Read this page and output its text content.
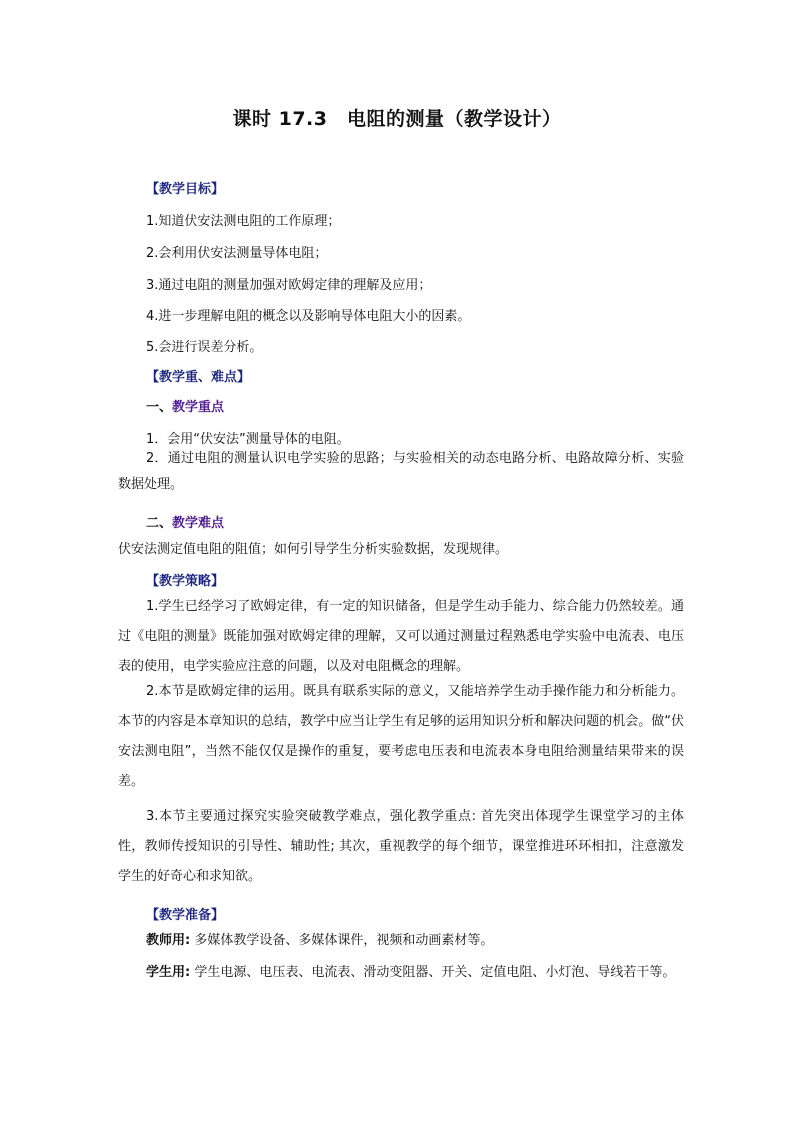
课时 17.3　电阻的测量（教学设计）
【教学目标】
1.知道伏安法测电阻的工作原理；
2.会利用伏安法测量导体电阻；
3.通过电阻的测量加强对欧姆定律的理解及应用；
4.进一步理解电阻的概念以及影响导体电阻大小的因素。
5.会进行误差分析。
【教学重、难点】
一、教学重点
1．会用“伏安法”测量导体的电阻。
2．通过电阻的测量认识电学实验的思路；与实验相关的动态电路分析、电路故障分析、实验数据处理。
二、教学难点
伏安法测定值电阻的阻值；如何引导学生分析实验数据，发现规律。
【教学策略】
1.学生已经学习了欧姆定律，有一定的知识储备，但是学生动手能力、综合能力仍然较差。通过《电阻的测量》既能加强对欧姆定律的理解，又可以通过测量过程熟悉电学实验中电流表、电压表的使用，电学实验应注意的问题，以及对电阻概念的理解。
2.本节是欧姆定律的运用。既具有联系实际的意义，又能培养学生动手操作能力和分析能力。本节的内容是本章知识的总结，教学中应当让学生有足够的运用知识分析和解决问题的机会。做“伏安法测电阻”，当然不能仅仅是操作的重复，要考虑电压表和电流表本身电阻给测量结果带来的误差。
3.本节主要通过探究实验突破教学难点，强化教学重点: 首先突出体现学生课堂学习的主体性，教师传授知识的引导性、辅助性; 其次，重视教学的每个细节，课堂推进环环相扣，注意激发学生的好奇心和求知欲。
【教学准备】
教师用: 多媒体教学设备、多媒体课件，视频和动画素材等。
学生用: 学生电源、电压表、电流表、滑动变阻器、开关、定值电阻、小灯泡、导线若干等。
